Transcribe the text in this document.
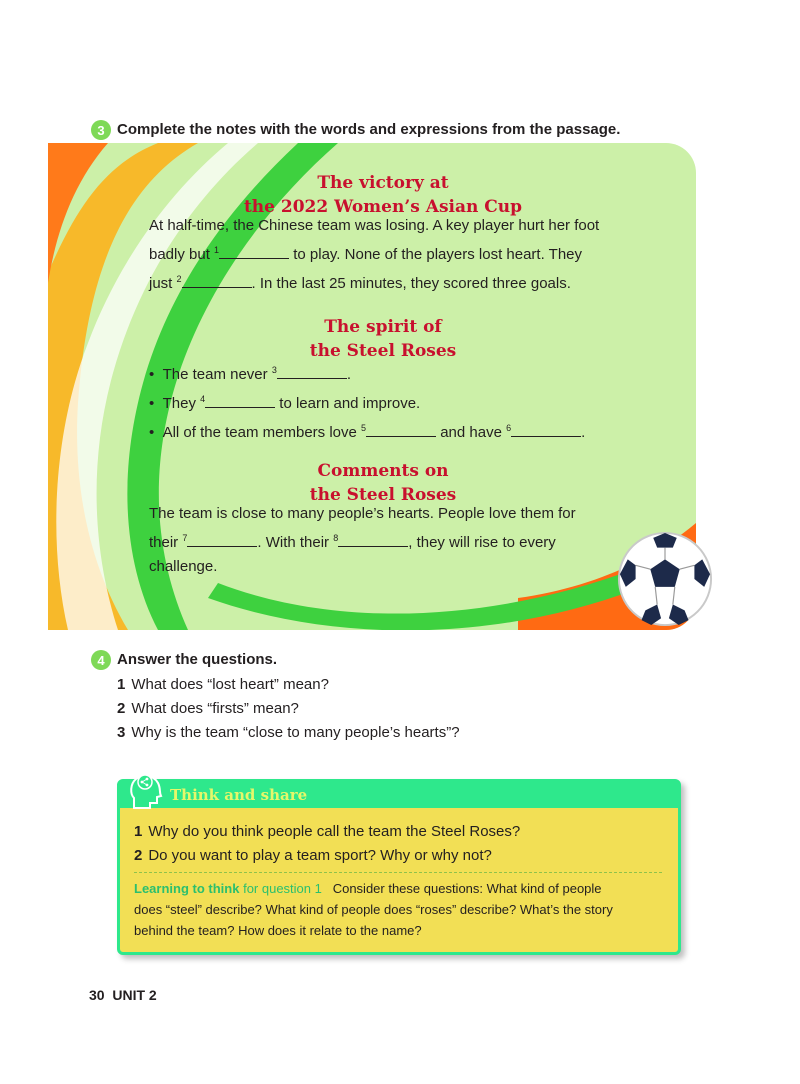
3 Complete the notes with the words and expressions from the passage.
The victory at
the 2022 Women’s Asian Cup
At half-time, the Chinese team was losing. A key player hurt her foot
badly but $^1$	to play. None of the players lost heart. They
just $^2$	. In the last 25 minutes, they scored three goals.
The spirit of
the Steel Roses
•  The team never $^3$	.
•  They $^4$	to learn and improve.
•  All of the team members love $^5$	and have $^6$	.
Comments on
the Steel Roses
The team is close to many people’s hearts. People love them for
their $^7$	. With their $^8$	, they will rise to every
challenge.
4 Answer the questions.
1 What does “lost heart” mean?
2 What does “firsts” mean?
3 Why is the team “close to many people’s hearts”?
Think and share
1 Why do you think people call the team the Steel Roses?
2 Do you want to play a team sport? Why or why not?
Learning to think for question 1 Consider these questions: What kind of people
does “steel” describe? What kind of people does “roses” describe? What’s the story
behind the team? How does it relate to the name?
30 UNIT 2
